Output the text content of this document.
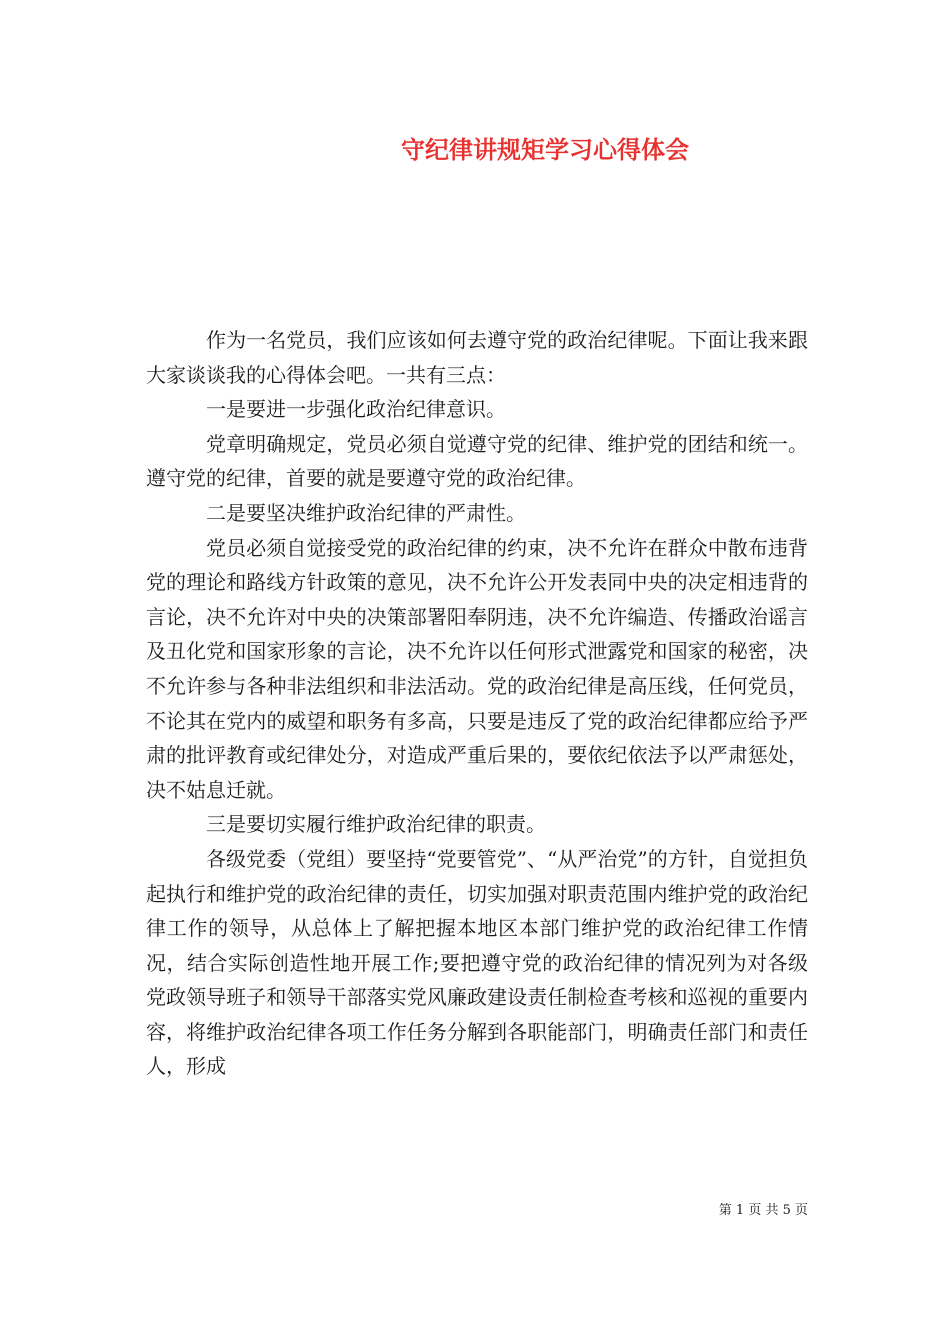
守纪律讲规矩学习心得体会

作为一名党员，我们应该如何去遵守党的政治纪律呢。下面让我来跟大家谈谈我的心得体会吧。一共有三点：

一是要进一步强化政治纪律意识。

党章明确规定，党员必须自觉遵守党的纪律、维护党的团结和统一。遵守党的纪律，首要的就是要遵守党的政治纪律。

二是要坚决维护政治纪律的严肃性。

党员必须自觉接受党的政治纪律的约束，决不允许在群众中散布违背党的理论和路线方针政策的意见，决不允许公开发表同中央的决定相违背的言论，决不允许对中央的决策部署阳奉阴违，决不允许编造、传播政治谣言及丑化党和国家形象的言论，决不允许以任何形式泄露党和国家的秘密，决不允许参与各种非法组织和非法活动。党的政治纪律是高压线，任何党员，不论其在党内的威望和职务有多高，只要是违反了党的政治纪律都应给予严肃的批评教育或纪律处分，对造成严重后果的，要依纪依法予以严肃惩处，决不姑息迁就。

三是要切实履行维护政治纪律的职责。

各级党委（党组）要坚持“党要管党”、“从严治党”的方针，自觉担负起执行和维护党的政治纪律的责任，切实加强对职责范围内维护党的政治纪律工作的领导，从总体上了解把握本地区本部门维护党的政治纪律工作情况，结合实际创造性地开展工作;要把遵守党的政治纪律的情况列为对各级党政领导班子和领导干部落实党风廉政建设责任制检查考核和巡视的重要内容，将维护政治纪律各项工作任务分解到各职能部门，明确责任部门和责任人，形成

第 1 页 共 5 页
